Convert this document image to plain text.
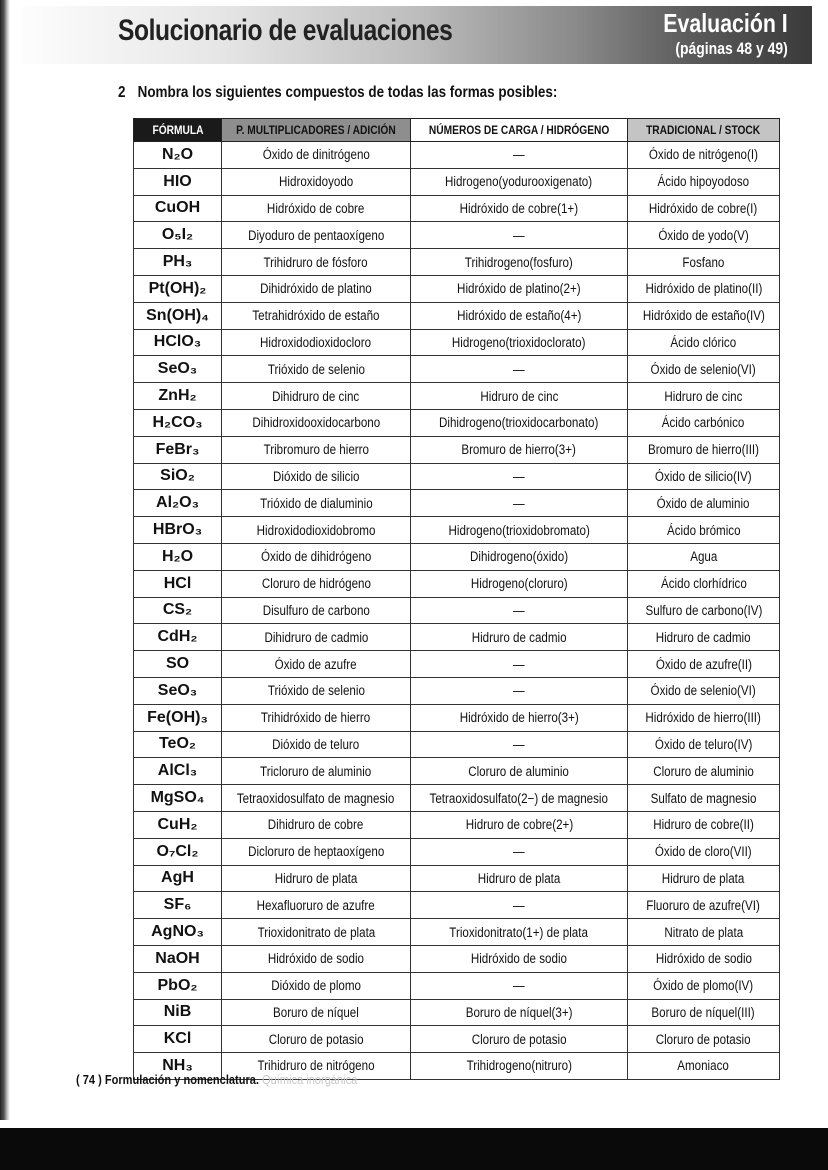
Solucionario de evaluaciones	Evaluación I
(páginas 48 y 49)
2 Nombra los siguientes compuestos de todas las formas posibles:
FÓRMULA	P. MULTIPLICADORES / ADICIÓN	NÚMEROS DE CARGA / HIDRÓGENO	TRADICIONAL / STOCK
N₂O	Óxido de dinitrógeno	—	Óxido de nitrógeno(I)
HIO	Hidroxidoyodo	Hidrogeno(yodurooxigenato)	Ácido hipoyodoso
CuOH	Hidróxido de cobre	Hidróxido de cobre(1+)	Hidróxido de cobre(I)
O₅I₂	Diyoduro de pentaoxígeno	—	Óxido de yodo(V)
PH₃	Trihidruro de fósforo	Trihidrogeno(fosfuro)	Fosfano
Pt(OH)₂	Dihidróxido de platino	Hidróxido de platino(2+)	Hidróxido de platino(II)
Sn(OH)₄	Tetrahidróxido de estaño	Hidróxido de estaño(4+)	Hidróxido de estaño(IV)
HClO₃	Hidroxidodioxidocloro	Hidrogeno(trioxidoclorato)	Ácido clórico
SeO₃	Trióxido de selenio	—	Óxido de selenio(VI)
ZnH₂	Dihidruro de cinc	Hidruro de cinc	Hidruro de cinc
H₂CO₃	Dihidroxidooxidocarbono	Dihidrogeno(trioxidocarbonato)	Ácido carbónico
FeBr₃	Tribromuro de hierro	Bromuro de hierro(3+)	Bromuro de hierro(III)
SiO₂	Dióxido de silicio	—	Óxido de silicio(IV)
Al₂O₃	Trióxido de dialuminio	—	Óxido de aluminio
HBrO₃	Hidroxidodioxidobromo	Hidrogeno(trioxidobromato)	Ácido brómico
H₂O	Óxido de dihidrógeno	Dihidrogeno(óxido)	Agua
HCl	Cloruro de hidrógeno	Hidrogeno(cloruro)	Ácido clorhídrico
CS₂	Disulfuro de carbono	—	Sulfuro de carbono(IV)
CdH₂	Dihidruro de cadmio	Hidruro de cadmio	Hidruro de cadmio
SO	Óxido de azufre	—	Óxido de azufre(II)
SeO₃	Trióxido de selenio	—	Óxido de selenio(VI)
Fe(OH)₃	Trihidróxido de hierro	Hidróxido de hierro(3+)	Hidróxido de hierro(III)
TeO₂	Dióxido de teluro	—	Óxido de teluro(IV)
AlCl₃	Tricloruro de aluminio	Cloruro de aluminio	Cloruro de aluminio
MgSO₄	Tetraoxidosulfato de magnesio	Tetraoxidosulfato(2−) de magnesio	Sulfato de magnesio
CuH₂	Dihidruro de cobre	Hidruro de cobre(2+)	Hidruro de cobre(II)
O₇Cl₂	Dicloruro de heptaoxígeno	—	Óxido de cloro(VII)
AgH	Hidruro de plata	Hidruro de plata	Hidruro de plata
SF₆	Hexafluoruro de azufre	—	Fluoruro de azufre(VI)
AgNO₃	Trioxidonitrato de plata	Trioxidonitrato(1+) de plata	Nitrato de plata
NaOH	Hidróxido de sodio	Hidróxido de sodio	Hidróxido de sodio
PbO₂	Dióxido de plomo	—	Óxido de plomo(IV)
NiB	Boruro de níquel	Boruro de níquel(3+)	Boruro de níquel(III)
KCl	Cloruro de potasio	Cloruro de potasio	Cloruro de potasio
NH₃	Trihidruro de nitrógeno	Trihidrogeno(nitruro)	Amoniaco
( 74 ) Formulación y nomenclatura. Química inorgánica
